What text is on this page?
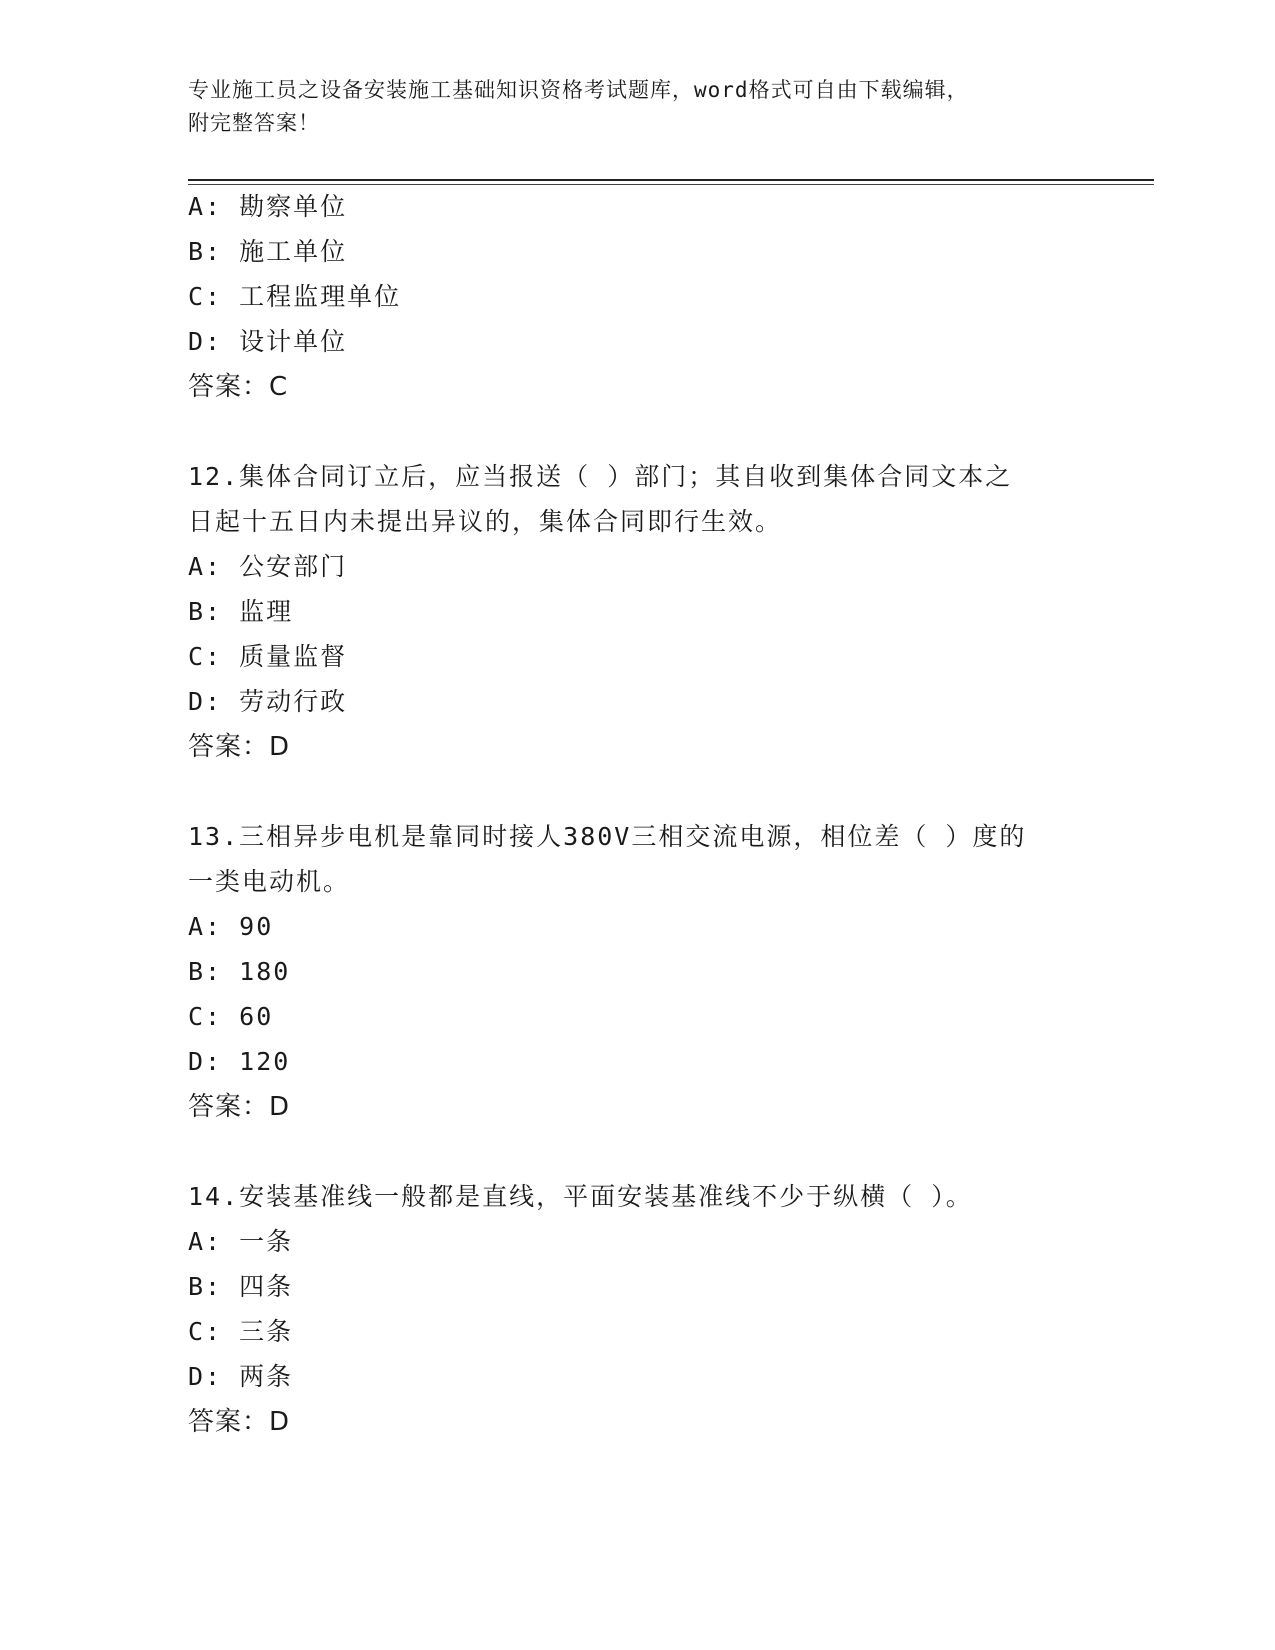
专业施工员之设备安装施工基础知识资格考试题库，word格式可自由下载编辑，
附完整答案！
A: 勘察单位
B: 施工单位
C: 工程监理单位
D: 设计单位
答案：C
12.集体合同订立后，应当报送（ ）部门；其自收到集体合同文本之
日起十五日内未提出异议的，集体合同即行生效。
A: 公安部门
B: 监理
C: 质量监督
D: 劳动行政
答案：D
13.三相异步电机是靠同时接人380V三相交流电源，相位差（ ）度的
一类电动机。
A: 90
B: 180
C: 60
D: 120
答案：D
14.安装基准线一般都是直线，平面安装基准线不少于纵横（ ）。
A: 一条
B: 四条
C: 三条
D: 两条
答案：D
